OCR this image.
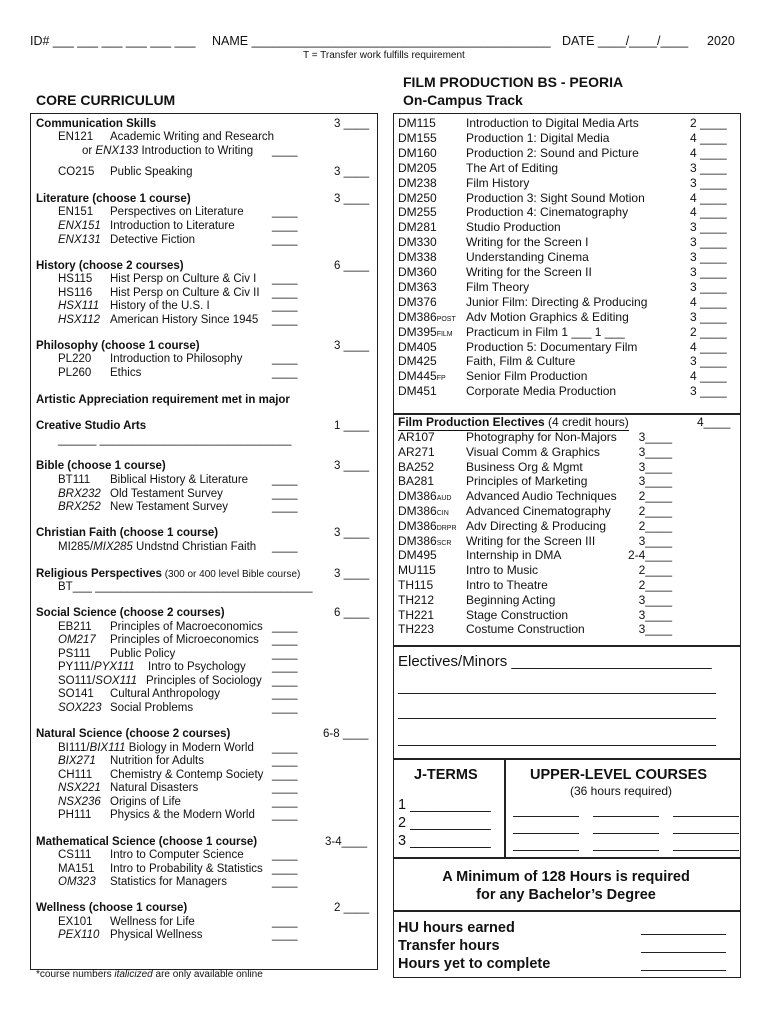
ID# ___ ___ ___ ___ ___ ___ NAME ___________________________________________ DATE ____/____/____ 2020
T = Transfer work fulfills requirement
CORE CURRICULUM
FILM PRODUCTION BS - PEORIA
On-Campus Track
Communication Skills	3 ____
EN121 Academic Writing and Research
or ENX133 Introduction to Writing ____
CO215 Public Speaking	3 ____
Literature (choose 1 course)	3 ____
EN151 Perspectives on Literature ____
ENX151 Introduction to Literature	____
ENX131 Detective Fiction	____
History (choose 2 courses)	6 ____
HS115 Hist Persp on Culture & Civ I ____
HS116 Hist Persp on Culture & Civ II ____
HSX111 History of the U.S. I	____
HSX112 American History Since 1945 ____
Philosophy (choose 1 course)	3 ____
PL220 Introduction to Philosophy	____
PL260 Ethics	____
Artistic Appreciation requirement met in major
Creative Studio Arts	1 ____
______ ______________________________
Bible (choose 1 course)	3 ____
BT111 Biblical History & Literature ____
BRX232 Old Testament Survey	____
BRX252 New Testament Survey	____
Christian Faith (choose 1 course)	3 ____
MI285/MIX285 Undstnd Christian Faith ____
Religious Perspectives (300 or 400 level Bible course)	3 ____
BT___ __________________________________
Social Science (choose 2 courses)	6 ____
EB211 Principles of Macroeconomics ____
OM217 Principles of Microeconomics ____
PS111 Public Policy	____
PY111/PYX111 Intro to Psychology ____
SO111/SOX111 Principles of Sociology ____
SO141 Cultural Anthropology	____
SOX223 Social Problems	____
Natural Science (choose 2 courses)	6-8 ____
BI111/BIX111 Biology in Modern World ____
BIX271 Nutrition for Adults	____
CH111 Chemistry & Contemp Society ____
NSX221 Natural Disasters	____
NSX236 Origins of Life	____
PH111 Physics & the Modern World ____
Mathematical Science (choose 1 course)	3-4____
CS111 Intro to Computer Science ____
MA151 Intro to Probability & Statistics ____
OM323 Statistics for Managers	____
Wellness (choose 1 course)	2 ____
EX101 Wellness for Life	____
PEX110 Physical Wellness	____
*course numbers italicized are only available online
DM115	Introduction to Digital Media Arts	2 ____
DM155 Production 1: Digital Media	4 ____
DM160 Production 2: Sound and Picture	4 ____
DM205 The Art of Editing	3 ____
DM238 Film History	3 ____
DM250 Production 3: Sight Sound Motion	4 ____
DM255 Production 4: Cinematography	4 ____
DM281 Studio Production	3 ____
DM330 Writing for the Screen I	3 ____
DM338 Understanding Cinema	3 ____
DM360 Writing for the Screen II	3 ____
DM363 Film Theory	3 ____
DM376 Junior Film: Directing & Producing	4 ____
DM386POST Adv Motion Graphics & Editing	3 ____
DM395FILM Practicum in Film 1 ___ 1 ___	2 ____
DM405 Production 5: Documentary Film	4 ____
DM425 Faith, Film & Culture	3 ____
DM445FP Senior Film Production	4 ____
DM451 Corporate Media Production	3 ____
Film Production Electives (4 credit hours)	4____
AR107	Photography for Non-Majors 3____
AR271	Visual Comm & Graphics	3____
BA252	Business Org & Mgmt	3____
BA281	Principles of Marketing	3____
DM386AUD Advanced Audio Techniques 2____
DM386CIN Advanced Cinematography 2____
DM386DRPR Adv Directing & Producing	2____
DM386SCR Writing for the Screen III	3____
DM495 Internship in DMA	2-4____
MU115	Intro to Music	2____
TH115	Intro to Theatre	2____
TH212	Beginning Acting	3____
TH221	Stage Construction	3____
TH223	Costume Construction	3____
Electives/Minors ________________________
J-TERMS
1 __________
2 __________
3 __________
UPPER-LEVEL COURSES
(36 hours required)
A Minimum of 128 Hours is required
for any Bachelor’s Degree
HU hours earned
Transfer hours
Hours yet to complete
